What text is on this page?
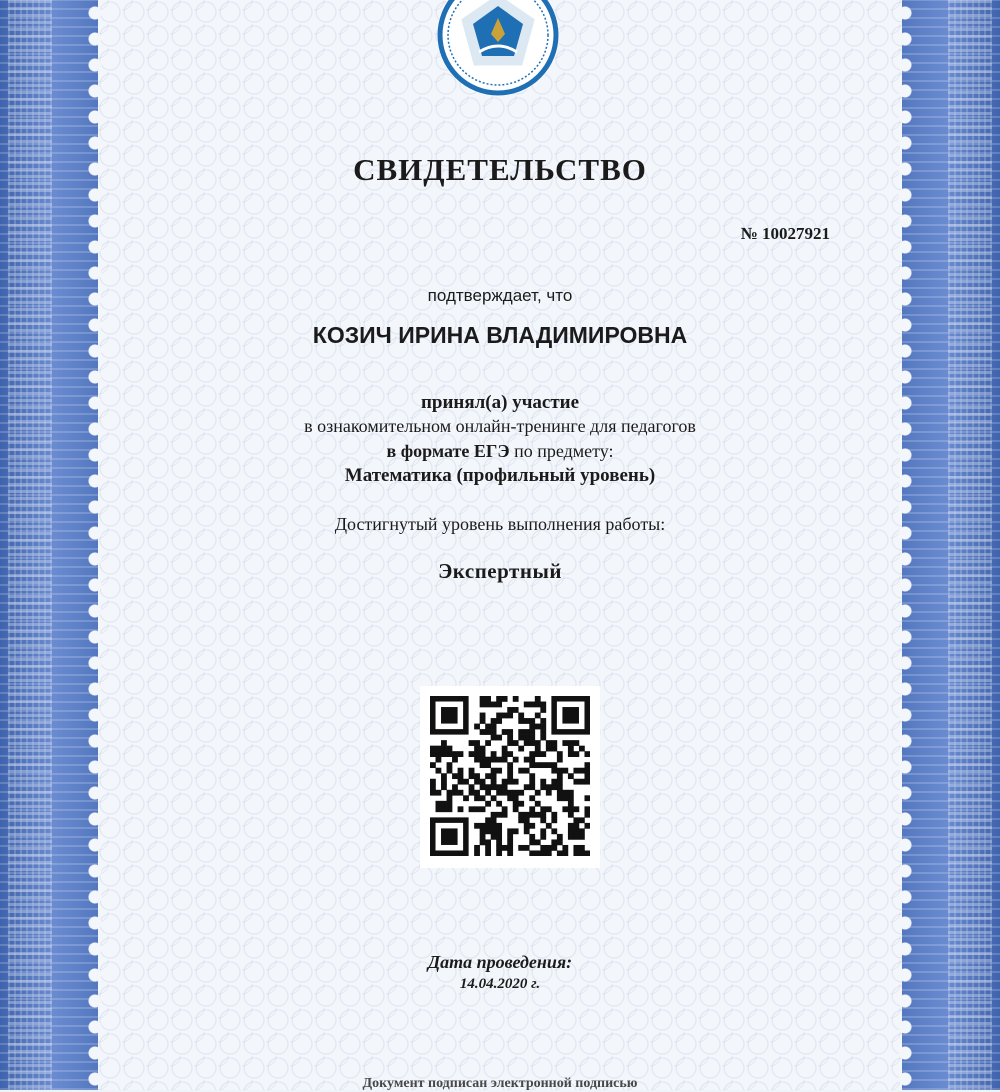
СВИДЕТЕЛЬСТВО
№ 10027921
подтверждает, что
КОЗИЧ ИРИНА ВЛАДИМИРОВНА
принял(а) участие
в ознакомительном онлайн-тренинге для педагогов
в формате ЕГЭ по предмету:
Математика (профильный уровень)
Достигнутый уровень выполнения работы:
Экспертный
Дата проведения:
14.04.2020 г.
Документ подписан электронной подписью
